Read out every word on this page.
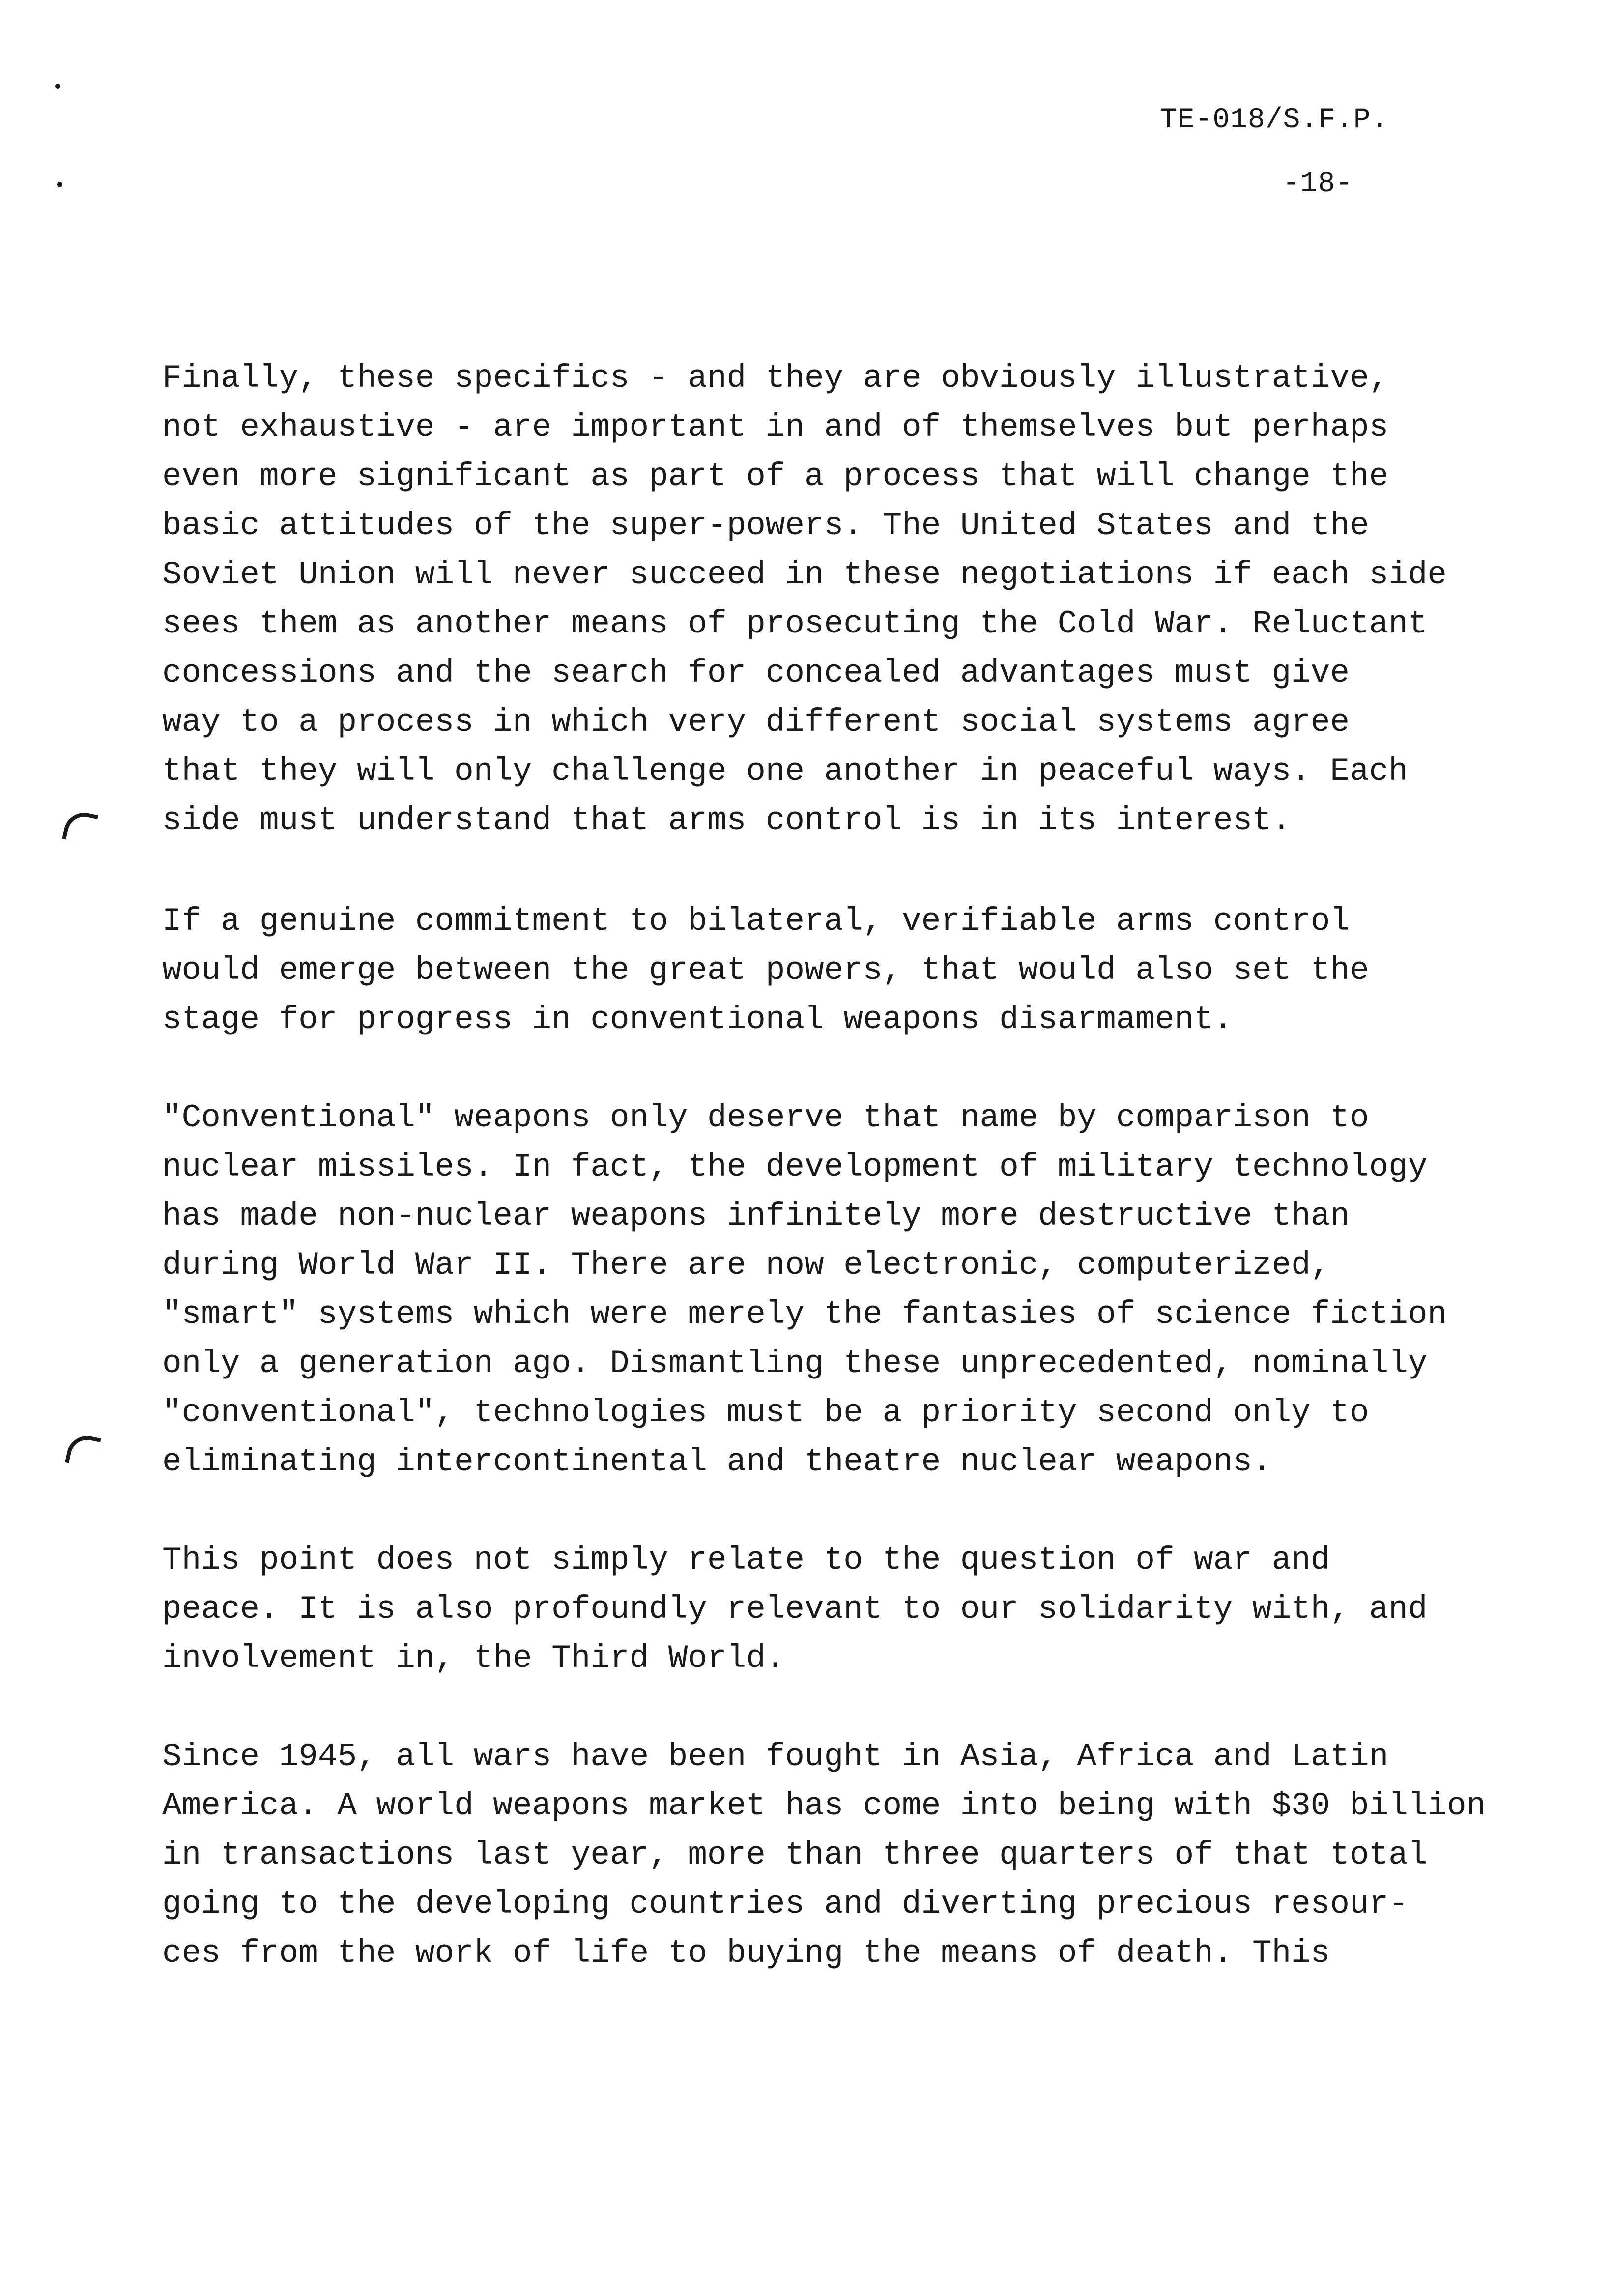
TE-018/S.F.P.
-18-
Finally, these specifics - and they are obviously illustrative,
not exhaustive - are important in and of themselves but perhaps
even more significant as part of a process that will change the
basic attitudes of the super-powers. The United States and the
Soviet Union will never succeed in these negotiations if each side
sees them as another means of prosecuting the Cold War. Reluctant
concessions and the search for concealed advantages must give
way to a process in which very different social systems agree
that they will only challenge one another in peaceful ways. Each
side must understand that arms control is in its interest.
If a genuine commitment to bilateral, verifiable arms control
would emerge between the great powers, that would also set the
stage for progress in conventional weapons disarmament.
"Conventional" weapons only deserve that name by comparison to
nuclear missiles. In fact, the development of military technology
has made non-nuclear weapons infinitely more destructive than
during World War II. There are now electronic, computerized,
"smart" systems which were merely the fantasies of science fiction
only a generation ago. Dismantling these unprecedented, nominally
"conventional", technologies must be a priority second only to
eliminating intercontinental and theatre nuclear weapons.
This point does not simply relate to the question of war and
peace. It is also profoundly relevant to our solidarity with, and
involvement in, the Third World.
Since 1945, all wars have been fought in Asia, Africa and Latin
America. A world weapons market has come into being with $30 billion
in transactions last year, more than three quarters of that total
going to the developing countries and diverting precious resour-
ces from the work of life to buying the means of death. This
